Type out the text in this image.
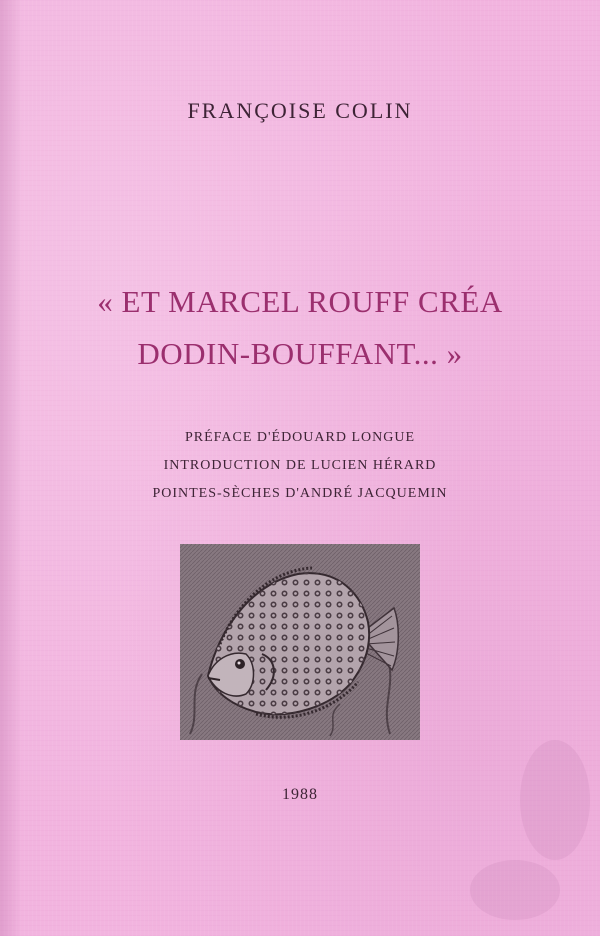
FRANÇOISE COLIN
« ET MARCEL ROUFF CRÉA
DODIN-BOUFFANT... »
PRÉFACE D'ÉDOUARD LONGUE
INTRODUCTION DE LUCIEN HÉRARD
POINTES-SÈCHES D'ANDRÉ JACQUEMIN
1988
